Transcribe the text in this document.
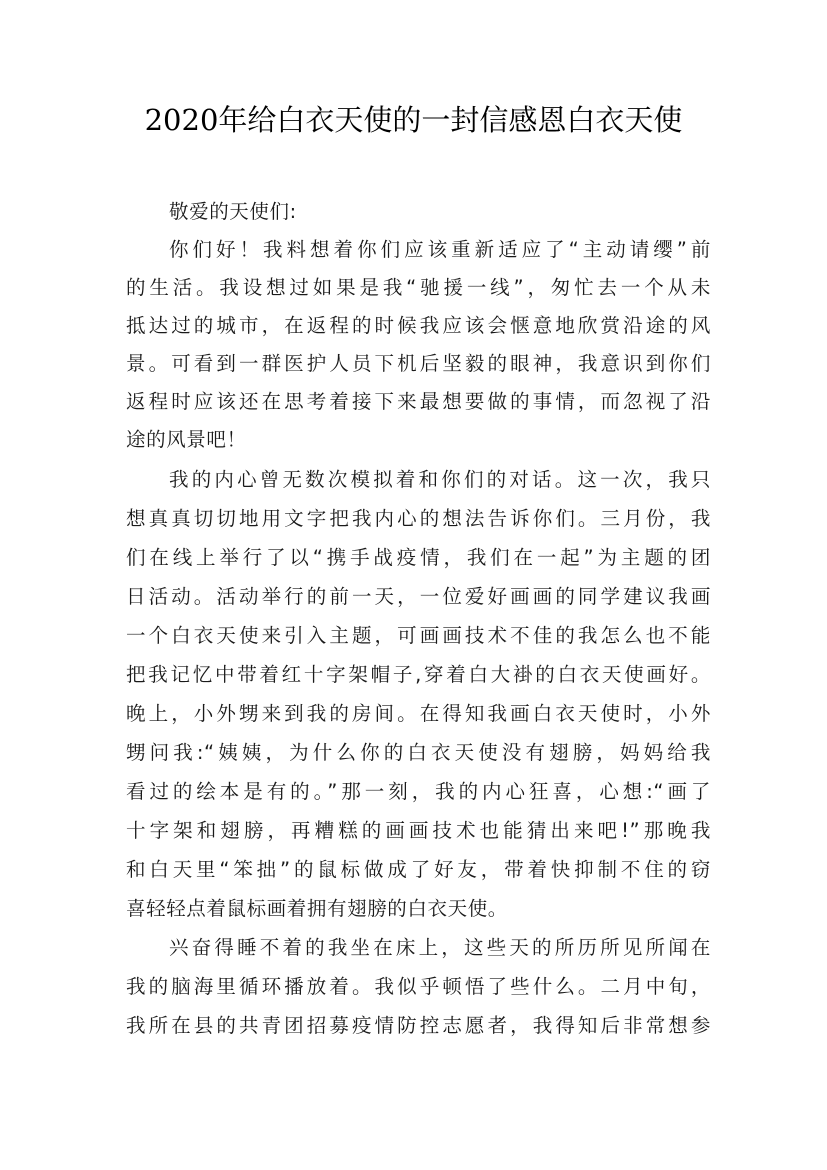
2020年给白衣天使的一封信感恩白衣天使
敬爱的天使们:
你们好！我料想着你们应该重新适应了“主动请缨”前
的生活。我设想过如果是我“驰援一线”，匆忙去一个从未
抵达过的城市，在返程的时候我应该会惬意地欣赏沿途的风
景。可看到一群医护人员下机后坚毅的眼神，我意识到你们
返程时应该还在思考着接下来最想要做的事情，而忽视了沿
途的风景吧！
我的内心曾无数次模拟着和你们的对话。这一次，我只
想真真切切地用文字把我内心的想法告诉你们。三月份，我
们在线上举行了以“携手战疫情，我们在一起”为主题的团
日活动。活动举行的前一天，一位爱好画画的同学建议我画
一个白衣天使来引入主题，可画画技术不佳的我怎么也不能
把我记忆中带着红十字架帽子,穿着白大褂的白衣天使画好。
晚上，小外甥来到我的房间。在得知我画白衣天使时，小外
甥问我:“姨姨，为什么你的白衣天使没有翅膀，妈妈给我
看过的绘本是有的。”那一刻，我的内心狂喜，心想:“画了
十字架和翅膀，再糟糕的画画技术也能猜出来吧!”那晚我
和白天里“笨拙”的鼠标做成了好友，带着快抑制不住的窃
喜轻轻点着鼠标画着拥有翅膀的白衣天使。
兴奋得睡不着的我坐在床上，这些天的所历所见所闻在
我的脑海里循环播放着。我似乎顿悟了些什么。二月中旬，
我所在县的共青团招募疫情防控志愿者，我得知后非常想参
